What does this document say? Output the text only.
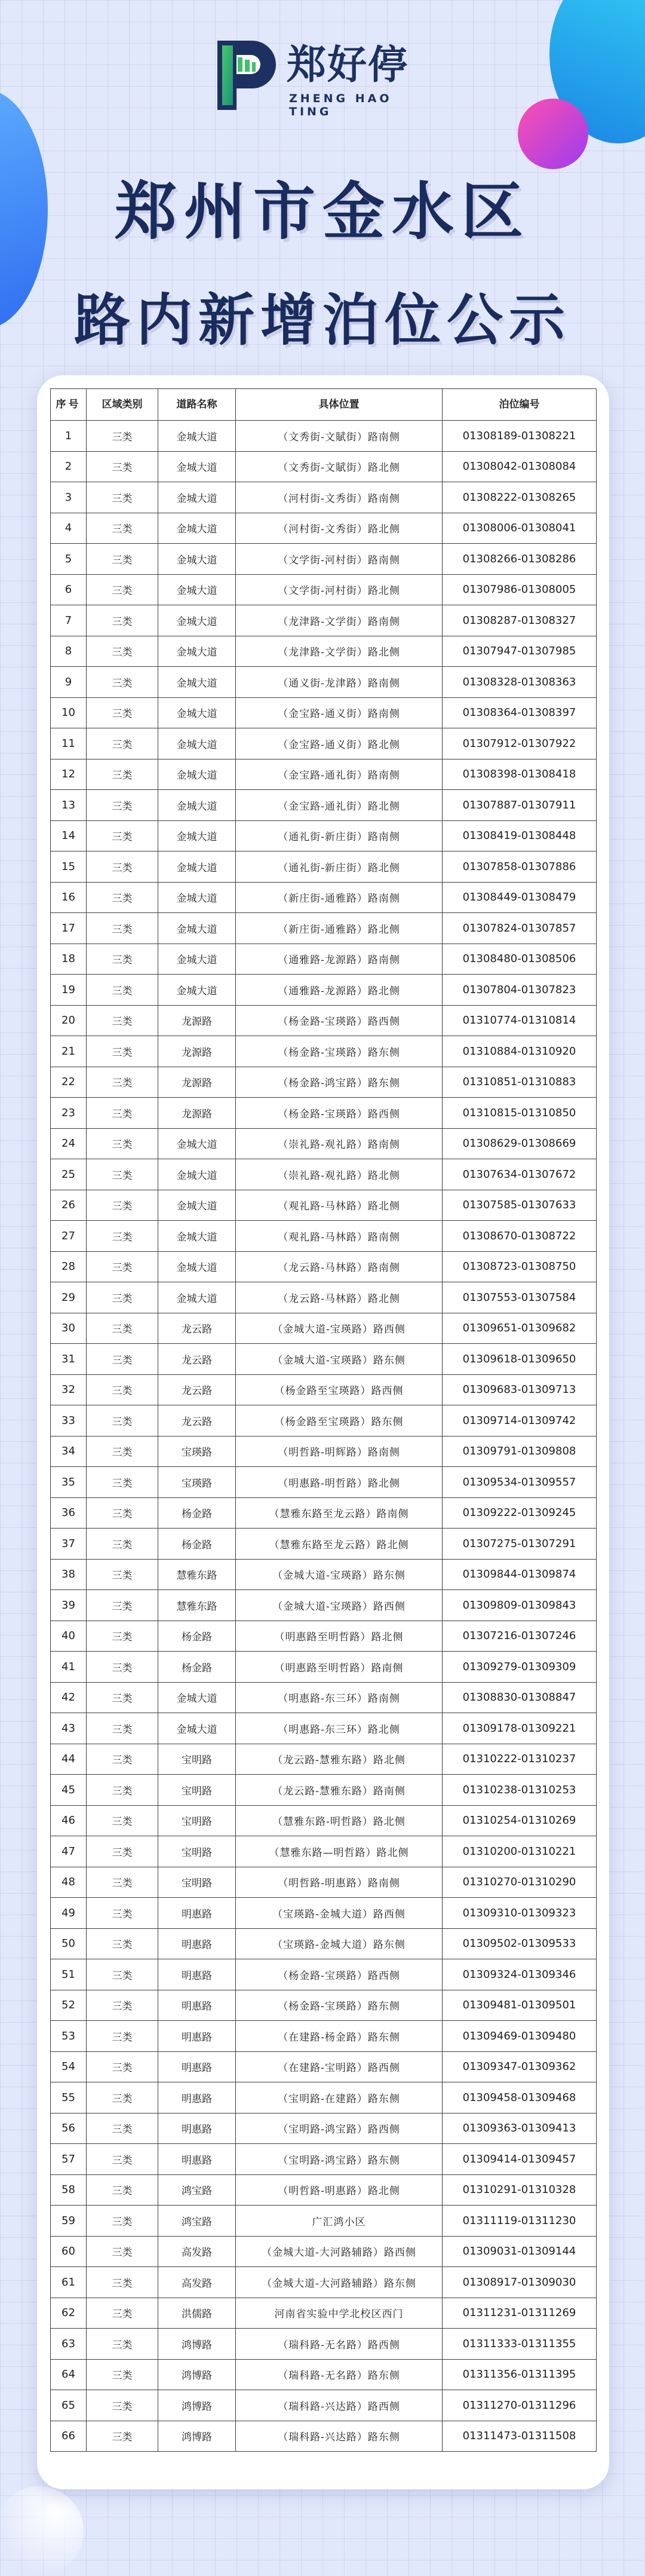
郑好停
ZHENG HAO TING
郑州市金水区
路内新增泊位公示
序号	区域类别	道路名称	具体位置	泊位编号
1	三类	金城大道	（文秀街-文賦街）路南侧	01308189-01308221
2	三类	金城大道	（文秀街-文賦街）路北侧	01308042-01308084
3	三类	金城大道	（河村街-文秀街）路南侧	01308222-01308265
4	三类	金城大道	（河村街-文秀街）路北侧	01308006-01308041
5	三类	金城大道	（文学街-河村街）路南侧	01308266-01308286
6	三类	金城大道	（文学街-河村街）路北侧	01307986-01308005
7	三类	金城大道	（龙津路-文学街）路南侧	01308287-01308327
8	三类	金城大道	（龙津路-文学街）路北侧	01307947-01307985
9	三类	金城大道	（通义街-龙津路）路南侧	01308328-01308363
10	三类	金城大道	（金宝路-通义街）路南侧	01308364-01308397
11	三类	金城大道	（金宝路-通义街）路北侧	01307912-01307922
12	三类	金城大道	（金宝路-通礼街）路南侧	01308398-01308418
13	三类	金城大道	（金宝路-通礼街）路北侧	01307887-01307911
14	三类	金城大道	（通礼街-新庄街）路南侧	01308419-01308448
15	三类	金城大道	（通礼街-新庄街）路北侧	01307858-01307886
16	三类	金城大道	（新庄街-通雅路）路南侧	01308449-01308479
17	三类	金城大道	（新庄街-通雅路）路北侧	01307824-01307857
18	三类	金城大道	（通雅路-龙源路）路南侧	01308480-01308506
19	三类	金城大道	（通雅路-龙源路）路北侧	01307804-01307823
20	三类	龙源路	（杨金路-宝瑛路）路西侧	01310774-01310814
21	三类	龙源路	（杨金路-宝瑛路）路东侧	01310884-01310920
22	三类	龙源路	（杨金路-鸿宝路）路东侧	01310851-01310883
23	三类	龙源路	（杨金路-宝瑛路）路西侧	01310815-01310850
24	三类	金城大道	（崇礼路-观礼路）路南侧	01308629-01308669
25	三类	金城大道	（崇礼路-观礼路）路北侧	01307634-01307672
26	三类	金城大道	（观礼路-马林路）路北侧	01307585-01307633
27	三类	金城大道	（观礼路-马林路）路南侧	01308670-01308722
28	三类	金城大道	（龙云路-马林路）路南侧	01308723-01308750
29	三类	金城大道	（龙云路-马林路）路北侧	01307553-01307584
30	三类	龙云路	（金城大道-宝瑛路）路西侧	01309651-01309682
31	三类	龙云路	（金城大道-宝瑛路）路东侧	01309618-01309650
32	三类	龙云路	（杨金路至宝瑛路）路西侧	01309683-01309713
33	三类	龙云路	（杨金路至宝瑛路）路东侧	01309714-01309742
34	三类	宝瑛路	（明哲路-明辉路）路南侧	01309791-01309808
35	三类	宝瑛路	（明惠路-明哲路）路北侧	01309534-01309557
36	三类	杨金路	（慧雅东路至龙云路）路南侧	01309222-01309245
37	三类	杨金路	（慧雅东路至龙云路）路北侧	01307275-01307291
38	三类	慧雅东路	（金城大道-宝瑛路）路东侧	01309844-01309874
39	三类	慧雅东路	（金城大道-宝瑛路）路西侧	01309809-01309843
40	三类	杨金路	（明惠路至明哲路）路北侧	01307216-01307246
41	三类	杨金路	（明惠路至明哲路）路南侧	01309279-01309309
42	三类	金城大道	（明惠路-东三环）路南侧	01308830-01308847
43	三类	金城大道	（明惠路-东三环）路北侧	01309178-01309221
44	三类	宝明路	（龙云路-慧雅东路）路北侧	01310222-01310237
45	三类	宝明路	（龙云路-慧雅东路）路南侧	01310238-01310253
46	三类	宝明路	（慧雅东路-明哲路）路北侧	01310254-01310269
47	三类	宝明路	（慧雅东路—明哲路）路北侧	01310200-01310221
48	三类	宝明路	（明哲路-明惠路）路南侧	01310270-01310290
49	三类	明惠路	（宝瑛路-金城大道）路西侧	01309310-01309323
50	三类	明惠路	（宝瑛路-金城大道）路东侧	01309502-01309533
51	三类	明惠路	（杨金路-宝瑛路）路西侧	01309324-01309346
52	三类	明惠路	（杨金路-宝瑛路）路东侧	01309481-01309501
53	三类	明惠路	（在建路-杨金路）路东侧	01309469-01309480
54	三类	明惠路	（在建路-宝明路）路西侧	01309347-01309362
55	三类	明惠路	（宝明路-在建路）路东侧	01309458-01309468
56	三类	明惠路	（宝明路-鸿宝路）路西侧	01309363-01309413
57	三类	明惠路	（宝明路-鸿宝路）路东侧	01309414-01309457
58	三类	鸿宝路	（明哲路-明惠路）路北侧	01310291-01310328
59	三类	鸿宝路	广汇鸿小区	01311119-01311230
60	三类	高发路	（金城大道-大河路辅路）路西侧	01309031-01309144
61	三类	高发路	（金城大道-大河路辅路）路东侧	01308917-01309030
62	三类	洪儒路	河南省实验中学北校区西门	01311231-01311269
63	三类	鸿博路	（瑞科路-无名路）路西侧	01311333-01311355
64	三类	鸿博路	（瑞科路-无名路）路东侧	01311356-01311395
65	三类	鸿博路	（瑞科路-兴达路）路西侧	01311270-01311296
66	三类	鸿博路	（瑞科路-兴达路）路东侧	01311473-01311508
